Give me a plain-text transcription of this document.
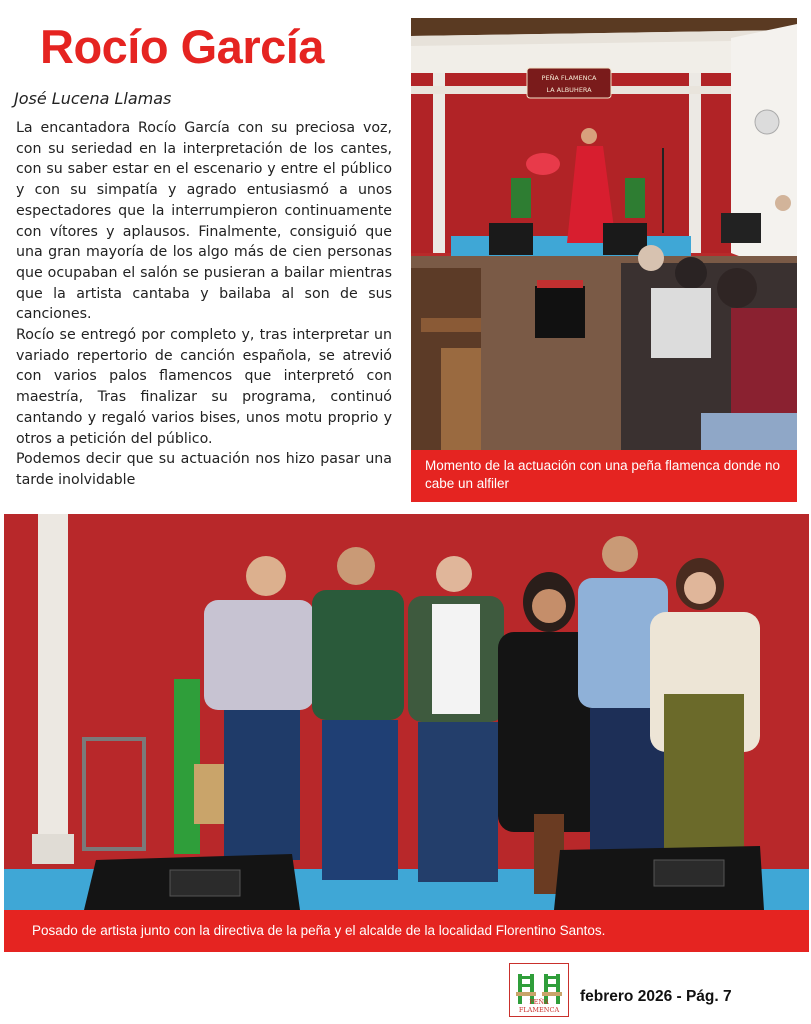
Rocío García

José Lucena Llamas

La encantadora Rocío García con su preciosa voz, con su seriedad en la interpretación de los cantes, con su saber estar en el escenario y entre el público y con su simpatía y agrado entusiasmó a unos espectadores que la interrumpieron continuamente con vítores y aplausos. Finalmente, consiguió que una gran mayoría de los algo más de cien personas que ocupaban el salón se pusieran a bailar mientras que la artista cantaba y bailaba al son de sus canciones.

Rocío se entregó por completo y, tras interpretar un variado repertorio de canción española, se atrevió con varios palos flamencos que interpretó con maestría, Tras finalizar su programa, continuó cantando y regaló varios bises, unos motu proprio y otros a petición del público.

Podemos decir que su actuación nos hizo pasar una tarde inolvidable

PEÑA FLAMENCA
LA ALBUHERA
Momento de la actuación con una peña flamenca donde no cabe un alfiler
Posado de artista junto con la directiva de la peña y el alcalde de la localidad Florentino Santos.
PEÑA FLAMENCA

febrero 2026 - Pág. 7
